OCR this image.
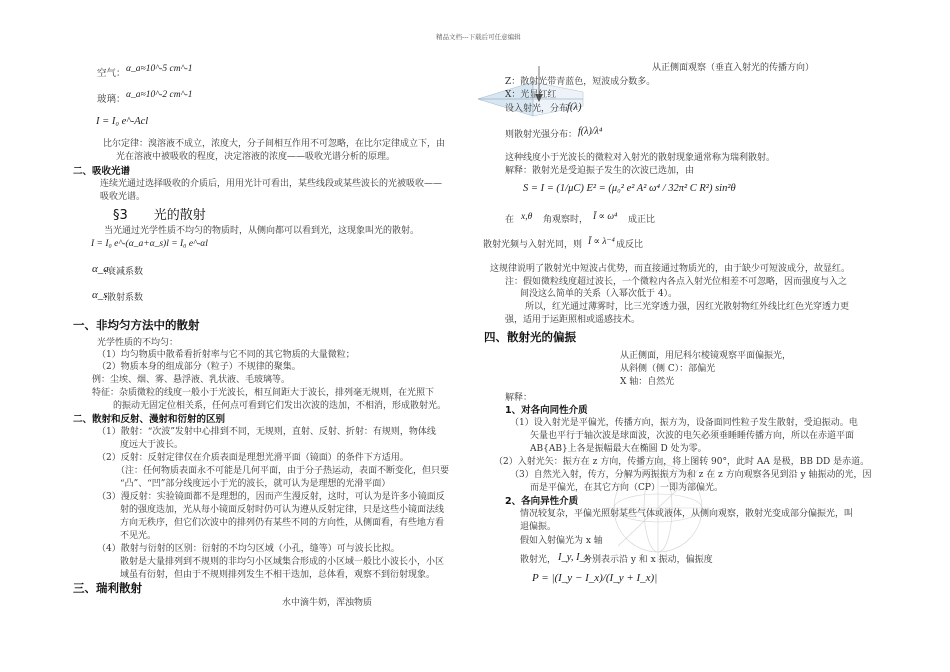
精品文档---下载后可任意编辑
空气： α_a≈10^-5 cm^-1
玻璃： α_a≈10^-2 cm^-1
I = I₀ e^-Acl
比尔定律：溴溶液不成立，浓度大，分子间相互作用不可忽略，在比尔定律成立下，由
光在溶液中被吸收的程度，决定溶液的浓度——吸收光谱分析的原理。
二、吸收光谱
连续光通过选择吸收的介质后，用用光计可看出，某些线段或某些波长的光被吸收——
吸收光谱。
§3　　光的散射
当光通过光学性质不均匀的物质时，从侧向都可以看到光，这现象叫光的散射。
I = I₀ e^-(α_a+α_s)l = I₀ e^-αl
α_a
:衰减系数
α_s
:散射系数
一、非均匀方法中的散射
光学性质的不均匀：
（1）均匀物质中散希看折射率与它不同的其它物质的大量微粒；
（2）物质本身的组成部分（粒子）不规律的聚集。
例：尘埃、烟、雾、悬浮液、乳状液、毛玻璃等。
特征：杂质微粒的线度一般小于光波长，相互间距大于波长，排列毫无规则，在光照下
的振动无固定位相关系，任何点可看到它们发出次波的迭加，不相消，形成散射光。
二、散射和反射、漫射和衍射的区别
（1）散射：“次波”发射中心排到不同，无规则，直射、反射、折射：有规则，物体线
度远大于波长。
（2）反射：反射定律仅在介质表面是理想光滑平面（镜面）的条件下方适用。
（注：任何物质表面永不可能是几何平面，由于分子热运动，表面不断变化，但只要
“凸”、“凹”部分线度远小于光的波长，就可认为是理想的光滑平面）
（3）漫反射：实验镜面都不是理想的，因而产生漫反射，这时，可认为是许多小镜面反
射的强度迭加，光从每小镜面反射时仍可认为遵从反射定律，只是这些小镜面法线
方向无秩序，但它们次波中的排列仍有某些不同的方向性，从侧面看，有些地方看
不见光。
（4）散射与衍射的区别：衍射的不均匀区域（小孔，缝等）可与波长比拟。
散射是大量排列到不规则的非均匀小区域集合形成的小区域一般比小波长小，小区
域虽有衍射，但由于不规则排列发生不相干迭加，总体看，观察不到衍射现象。
三、瑞利散射
水中滴牛奶，浑浊物质
从正侧面观察（垂直入射光的传播方向）
Z：散射光带青蓝色，短波成分数多。
X：光显红红
设入射光，分布
f(λ)
则散射光强分布： f(λ)/λ⁴
这种线度小于光波长的微粒对入射光的散射现象通常称为瑞利散射。
解释：散射光是受迫振子发生的次波已选加，由
S = I = (1/μC) E² = (μ₀² e² A² ω⁴ / 32π² C R²) sin²θ
在 x,θ 角观察时， Ī ∝ ω⁴ 成正比
散射光频与入射光同，则 Ī ∝ λ⁻⁴ 成反比
这规律说明了散射光中短波占优势，而直接通过物质光的，由于缺少可短波成分，故显红。
注：假如微粒线度超过波长，一个微粒内各点入射光位相差不可忽略，因而强度与入之
间没这么简单的关系（入幂次低于 4）。
所以，红光通过薄雾时，比三光穿透力强，因红光散射物红外线比红色光穿透力更
强，适用于运距照相或遥感技术。
四、散射光的偏振
从正侧面，用尼科尔棱镜观察平面偏振光，
从斜侧（侧 C）：部偏光
X 轴：自然光
解释：
1、对各向同性介质
（1）设入射光是平偏光，传播方向，振方为，设备面同性粒子发生散射，受迫振动。电
矢量也平行于轴次波是球面波，次波的电矢必须垂睡睡传播方向，所以在赤道平面
AB{AB}上各是振幅最大在椭圆 D 处为零。
（2）入射光矢：振方在 z 方向，传播方向，将上图转 90°，此时 AA 是极，BB DD 是赤道。
（3）自然光入射，传方，分解为两振振方为和 z 在 z 方向观察各见到沿 y 轴振动的光，因
而是平偏光，在其它方向（CP）一即为部偏光。
2、各向异性介质
情况较复杂，平偏光照射某些气体或液体，从侧向观察，散射光变成部分偏振光，叫
退偏振。
假如入射偏光为 x 轴
散射光， I_y, I_x
分别表示沿 y 和 x 振动，偏振度
P = |(I_y − I_x)/(I_y + I_x)|
